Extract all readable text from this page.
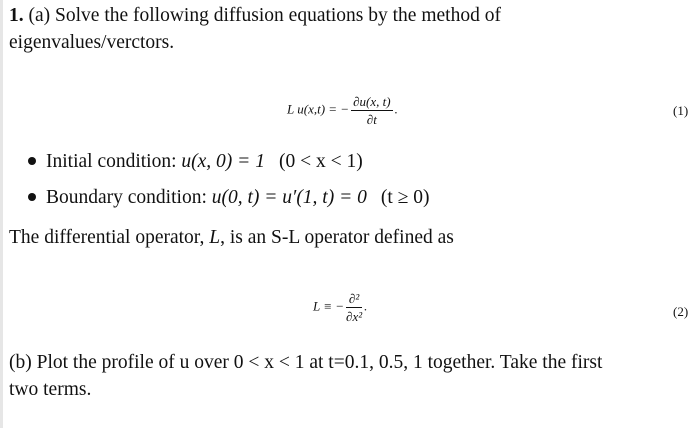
1. (a) Solve the following diffusion equations by the method of
eigenvalues/verctors.
L u(x,t) = − $\frac{\partial u(x, t)}{\partial t}$ .	(1)
Initial condition: u(x, 0) = 1 (0 < x < 1)
Boundary condition: u(0, t) = u′(1, t) = 0 (t ≥ 0)
The differential operator, L, is an S-L operator defined as
L ≡ − $\frac{\text{∂²}}{\text{∂x²}}$ .	(2)
(b) Plot the profile of u over 0 < x < 1 at t=0.1, 0.5, 1 together. Take the first
two terms.
